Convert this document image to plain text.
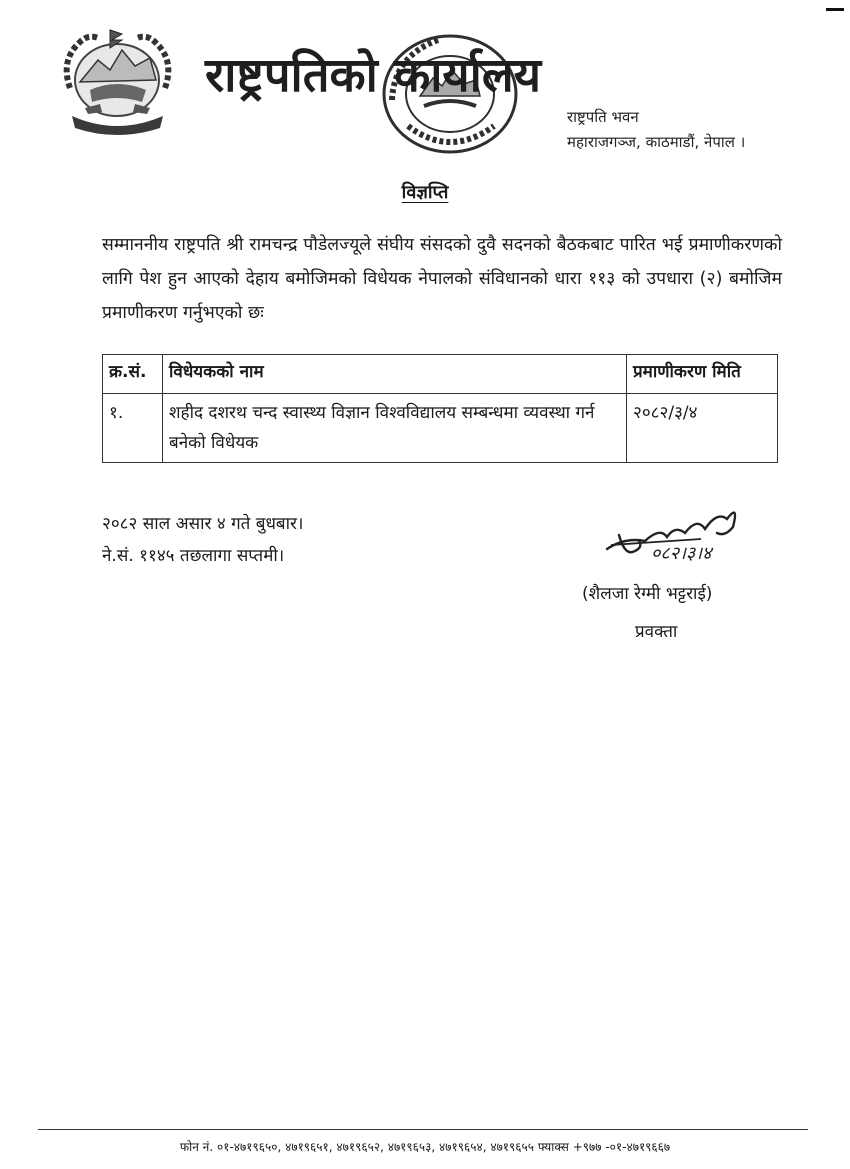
राष्ट्रपतिको कार्यालय
राष्ट्रपति भवन
महाराजगञ्ज, काठमाडौं, नेपाल ।
विज्ञप्ति
सम्माननीय राष्ट्रपति श्री रामचन्द्र पौडेलज्यूले संघीय संसदको दुवै सदनको बैठकबाट पारित भई प्रमाणीकरणको लागि पेश हुन आएको देहाय बमोजिमको विधेयक नेपालको संविधानको धारा ११३ को उपधारा (२) बमोजिम प्रमाणीकरण गर्नुभएको छः
क्र.सं.	विधेयकको नाम	प्रमाणीकरण मिति
१.	शहीद दशरथ चन्द स्वास्थ्य विज्ञान विश्वविद्यालय सम्बन्धमा व्यवस्था गर्न बनेको विधेयक	२०८२/३/४
२०८२ साल असार ४ गते बुधबार।
ने.सं. ११४५ तछलागा सप्तमी।	०८२।३।४
(शैलजा रेग्मी भट्टराई)
प्रवक्ता
फोन नं. ०१-४७१९६५०, ४७१९६५१, ४७१९६५२, ४७१९६५३, ४७१९६५४, ४७१९६५५ फ्याक्स +९७७ -०१-४७१९६६७
